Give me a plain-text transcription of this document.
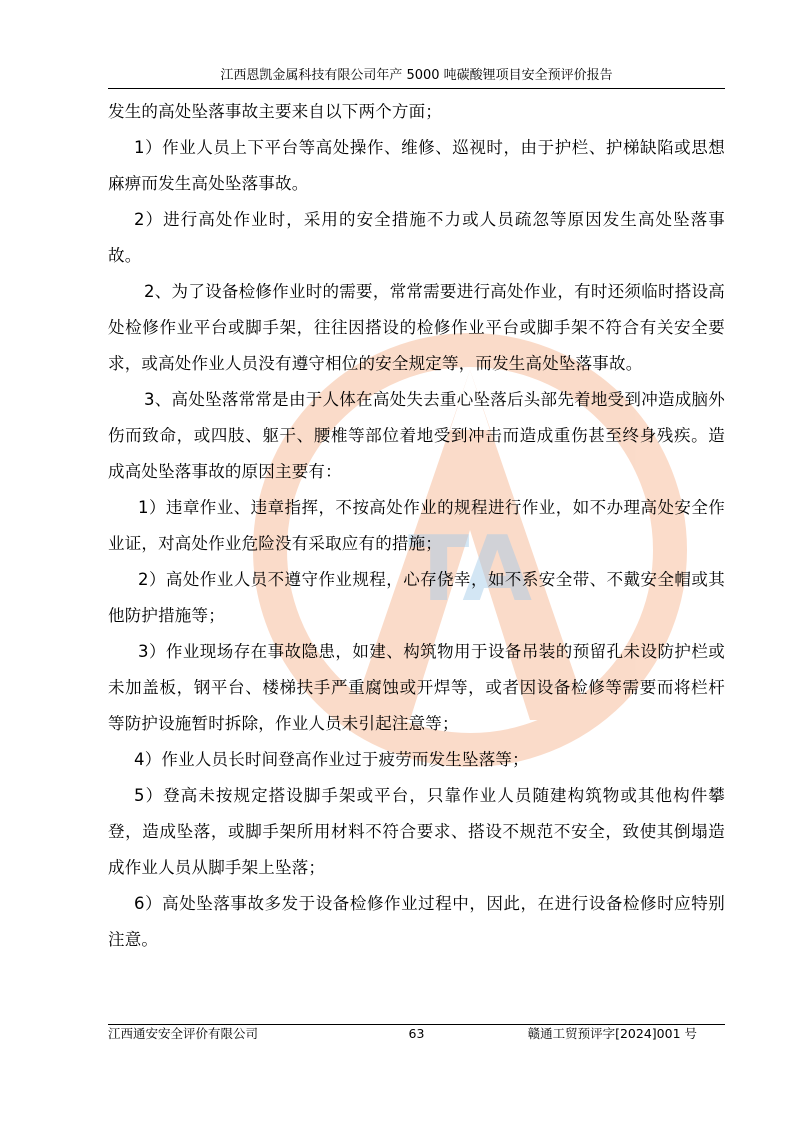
江西恩凯金属科技有限公司年产 5000 吨碳酸锂项目安全预评价报告
TA

发生的高处坠落事故主要来自以下两个方面；

1）作业人员上下平台等高处操作、维修、巡视时，由于护栏、护梯缺陷或思想麻痹而发生高处坠落事故。

2）进行高处作业时，采用的安全措施不力或人员疏忽等原因发生高处坠落事故。

2、为了设备检修作业时的需要，常常需要进行高处作业，有时还须临时搭设高处检修作业平台或脚手架，往往因搭设的检修作业平台或脚手架不符合有关安全要求，或高处作业人员没有遵守相位的安全规定等，而发生高处坠落事故。

3、高处坠落常常是由于人体在高处失去重心坠落后头部先着地受到冲造成脑外伤而致命，或四肢、躯干、腰椎等部位着地受到冲击而造成重伤甚至终身残疾。造成高处坠落事故的原因主要有：

1）违章作业、违章指挥，不按高处作业的规程进行作业，如不办理高处安全作业证，对高处作业危险没有采取应有的措施；

2）高处作业人员不遵守作业规程，心存侥幸，如不系安全带、不戴安全帽或其他防护措施等；

3）作业现场存在事故隐患，如建、构筑物用于设备吊装的预留孔未设防护栏或未加盖板，钢平台、楼梯扶手严重腐蚀或开焊等，或者因设备检修等需要而将栏杆等防护设施暂时拆除，作业人员未引起注意等；

4）作业人员长时间登高作业过于疲劳而发生坠落等；

5）登高未按规定搭设脚手架或平台，只靠作业人员随建构筑物或其他构件攀登，造成坠落，或脚手架所用材料不符合要求、搭设不规范不安全，致使其倒塌造成作业人员从脚手架上坠落；

6）高处坠落事故多发于设备检修作业过程中，因此，在进行设备检修时应特别注意。

江西通安安全评价有限公司	63	赣通工贸预评字[2024]001 号
